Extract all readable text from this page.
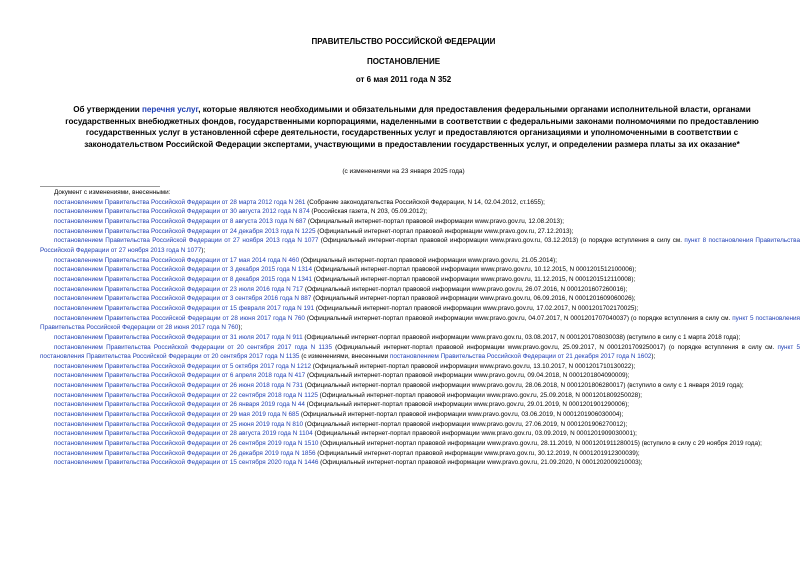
ПРАВИТЕЛЬСТВО РОССИЙСКОЙ ФЕДЕРАЦИИ
ПОСТАНОВЛЕНИЕ
от 6 мая 2011 года N 352
Об утверждении перечня услуг, которые являются необходимыми и обязательными для предоставления федеральными органами исполнительной власти, органами государственных внебюджетных фондов, государственными корпорациями, наделенными в соответствии с федеральными законами полномочиями по предоставлению государственных услуг в установленной сфере деятельности, государственных услуг и предоставляются организациями и уполномоченными в соответствии с законодательством Российской Федерации экспертами, участвующими в предоставлении государственных услуг, и определении размера платы за их оказание*
(с изменениями на 23 января 2025 года)

Документ с изменениями, внесенными:

постановлением Правительства Российской Федерации от 28 марта 2012 года N 261 (Собрание законодательства Российской Федерации, N 14, 02.04.2012, ст.1655);

постановлением Правительства Российской Федерации от 30 августа 2012 года N 874 (Российская газета, N 203, 05.09.2012);

постановлением Правительства Российской Федерации от 8 августа 2013 года N 687 (Официальный интернет-портал правовой информации www.pravo.gov.ru, 12.08.2013);

постановлением Правительства Российской Федерации от 24 декабря 2013 года N 1225 (Официальный интернет-портал правовой информации www.pravo.gov.ru, 27.12.2013);

постановлением Правительства Российской Федерации от 27 ноября 2013 года N 1077 (Официальный интернет-портал правовой информации www.pravo.gov.ru, 03.12.2013) (о порядке вступления в силу см. пункт 8 постановления Правительства Российской Федерации от 27 ноября 2013 года N 1077);

постановлением Правительства Российской Федерации от 17 мая 2014 года N 460 (Официальный интернет-портал правовой информации www.pravo.gov.ru, 21.05.2014);

постановлением Правительства Российской Федерации от 3 декабря 2015 года N 1314 (Официальный интернет-портал правовой информации www.pravo.gov.ru, 10.12.2015, N 0001201512100006);

постановлением Правительства Российской Федерации от 8 декабря 2015 года N 1341 (Официальный интернет-портал правовой информации www.pravo.gov.ru, 11.12.2015, N 0001201512110008);

постановлением Правительства Российской Федерации от 23 июля 2016 года N 717 (Официальный интернет-портал правовой информации www.pravo.gov.ru, 26.07.2016, N 0001201607260016);

постановлением Правительства Российской Федерации от 3 сентября 2016 года N 887 (Официальный интернет-портал правовой информации www.pravo.gov.ru, 06.09.2016, N 0001201609060026);

постановлением Правительства Российской Федерации от 15 февраля 2017 года N 191 (Официальный интернет-портал правовой информации www.pravo.gov.ru, 17.02.2017, N 0001201702170025);

постановлением Правительства Российской Федерации от 28 июня 2017 года N 760 (Официальный интернет-портал правовой информации www.pravo.gov.ru, 04.07.2017, N 0001201707040037) (о порядке вступления в силу см. пункт 5 постановления Правительства Российской Федерации от 28 июня 2017 года N 760);

постановлением Правительства Российской Федерации от 31 июля 2017 года N 911 (Официальный интернет-портал правовой информации www.pravo.gov.ru, 03.08.2017, N 0001201708030038) (вступило в силу с 1 марта 2018 года);

постановлением Правительства Российской Федерации от 20 сентября 2017 года N 1135 (Официальный интернет-портал правовой информации www.pravo.gov.ru, 25.09.2017, N 0001201709250017) (о порядке вступления в силу см. пункт 5 постановления Правительства Российской Федерации от 20 сентября 2017 года N 1135 (с изменениями, внесенными постановлением Правительства Российской Федерации от 21 декабря 2017 года N 1602);

постановлением Правительства Российской Федерации от 5 октября 2017 года N 1212 (Официальный интернет-портал правовой информации www.pravo.gov.ru, 13.10.2017, N 0001201710130022);

постановлением Правительства Российской Федерации от 6 апреля 2018 года N 417 (Официальный интернет-портал правовой информации www.pravo.gov.ru, 09.04.2018, N 0001201804090009);

постановлением Правительства Российской Федерации от 26 июня 2018 года N 731 (Официальный интернет-портал правовой информации www.pravo.gov.ru, 28.06.2018, N 0001201806280017) (вступило в силу с 1 января 2019 года);

постановлением Правительства Российской Федерации от 22 сентября 2018 года N 1125 (Официальный интернет-портал правовой информации www.pravo.gov.ru, 25.09.2018, N 0001201809250028);

постановлением Правительства Российской Федерации от 26 января 2019 года N 44 (Официальный интернет-портал правовой информации www.pravo.gov.ru, 29.01.2019, N 0001201901290006);

постановлением Правительства Российской Федерации от 29 мая 2019 года N 685 (Официальный интернет-портал правовой информации www.pravo.gov.ru, 03.06.2019, N 0001201906030004);

постановлением Правительства Российской Федерации от 25 июня 2019 года N 810 (Официальный интернет-портал правовой информации www.pravo.gov.ru, 27.06.2019, N 0001201906270012);

постановлением Правительства Российской Федерации от 28 августа 2019 года N 1104 (Официальный интернет-портал правовой информации www.pravo.gov.ru, 03.09.2019, N 0001201909030001);

постановлением Правительства Российской Федерации от 26 сентября 2019 года N 1510 (Официальный интернет-портал правовой информации www.pravo.gov.ru, 28.11.2019, N 0001201911280015) (вступило в силу с 29 ноября 2019 года);

постановлением Правительства Российской Федерации от 26 декабря 2019 года N 1856 (Официальный интернет-портал правовой информации www.pravo.gov.ru, 30.12.2019, N 0001201912300039);

постановлением Правительства Российской Федерации от 15 сентября 2020 года N 1446 (Официальный интернет-портал правовой информации www.pravo.gov.ru, 21.09.2020, N 0001202009210003);
